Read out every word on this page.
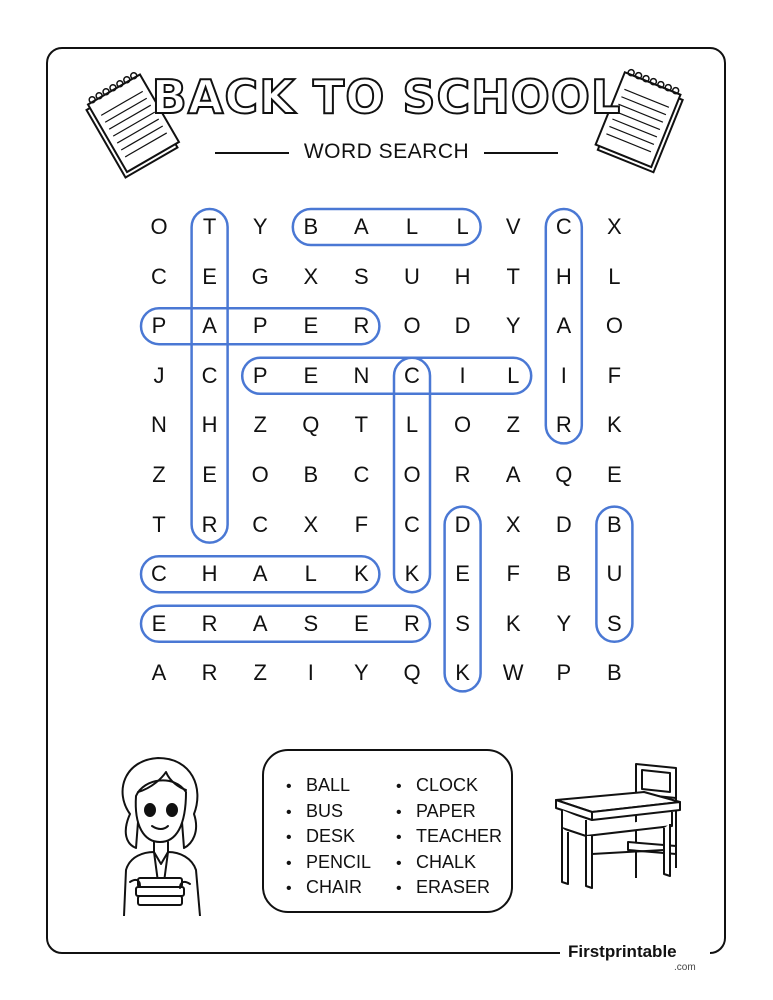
BACK TO SCHOOL
WORD SEARCH
O	T	Y	B	A	L	L	V	C	X
C	E	G	X	S	U	H	T	H	L
P	A	P	E	R	O	D	Y	A	O
J	C	P	E	N	C	I	L	I	F
N	H	Z	Q	T	L	O	Z	R	K
Z	E	O	B	C	O	R	A	Q	E
T	R	C	X	F	C	D	X	D	B
C	H	A	L	K	K	E	F	B	U
E	R	A	S	E	R	S	K	Y	S
A	R	Z	I	Y	Q	K	W	P	B
• BALL
• BUS
• DESK
• PENCIL
• CHAIR
• CLOCK
• PAPER
• TEACHER
• CHALK
• ERASER
Firstprintable
.com
